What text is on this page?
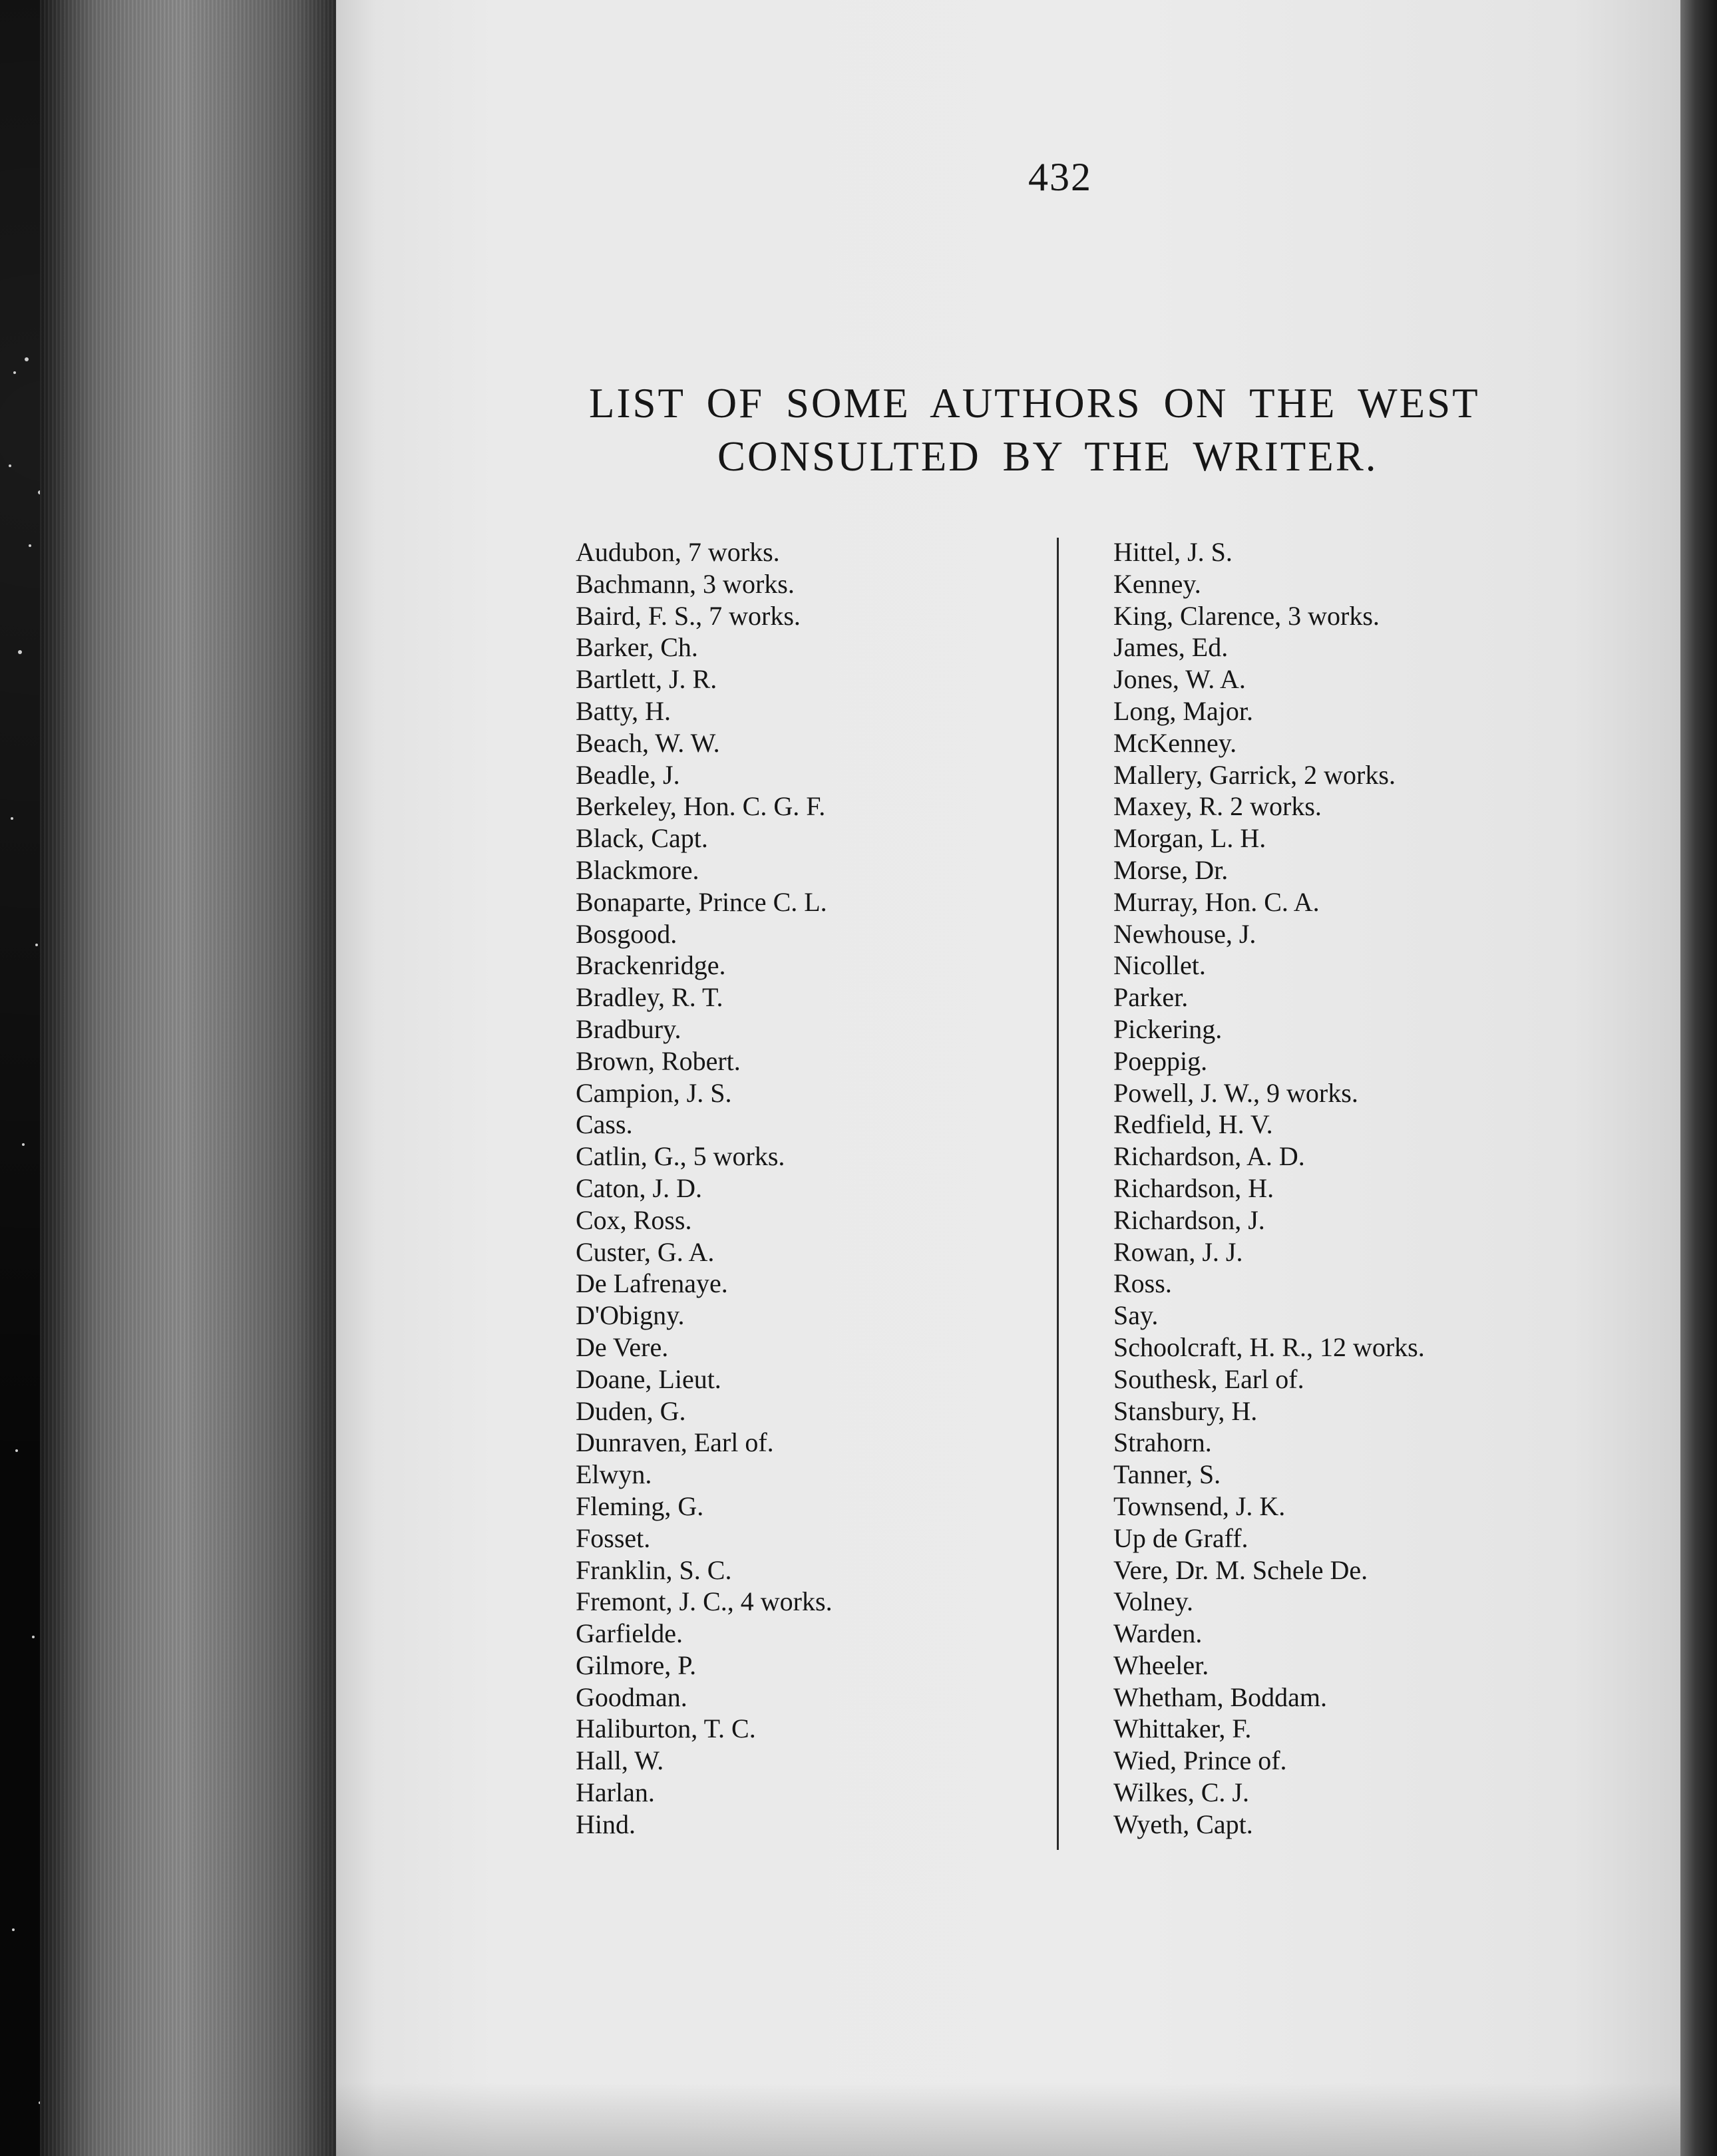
432
LIST OF SOME AUTHORS ON THE WEST
CONSULTED BY THE WRITER.
Audubon, 7 works.
Bachmann, 3 works.
Baird, F. S., 7 works.
Barker, Ch.
Bartlett, J. R.
Batty, H.
Beach, W. W.
Beadle, J.
Berkeley, Hon. C. G. F.
Black, Capt.
Blackmore.
Bonaparte, Prince C. L.
Bosgood.
Brackenridge.
Bradley, R. T.
Bradbury.
Brown, Robert.
Campion, J. S.
Cass.
Catlin, G., 5 works.
Caton, J. D.
Cox, Ross.
Custer, G. A.
De Lafrenaye.
D'Obigny.
De Vere.
Doane, Lieut.
Duden, G.
Dunraven, Earl of.
Elwyn.
Fleming, G.
Fosset.
Franklin, S. C.
Fremont, J. C., 4 works.
Garfielde.
Gilmore, P.
Goodman.
Haliburton, T. C.
Hall, W.
Harlan.
Hind.
Hittel, J. S.
Kenney.
King, Clarence, 3 works.
James, Ed.
Jones, W. A.
Long, Major.
McKenney.
Mallery, Garrick, 2 works.
Maxey, R. 2 works.
Morgan, L. H.
Morse, Dr.
Murray, Hon. C. A.
Newhouse, J.
Nicollet.
Parker.
Pickering.
Poeppig.
Powell, J. W., 9 works.
Redfield, H. V.
Richardson, A. D.
Richardson, H.
Richardson, J.
Rowan, J. J.
Ross.
Say.
Schoolcraft, H. R., 12 works.
Southesk, Earl of.
Stansbury, H.
Strahorn.
Tanner, S.
Townsend, J. K.
Up de Graff.
Vere, Dr. M. Schele De.
Volney.
Warden.
Wheeler.
Whetham, Boddam.
Whittaker, F.
Wied, Prince of.
Wilkes, C. J.
Wyeth, Capt.
